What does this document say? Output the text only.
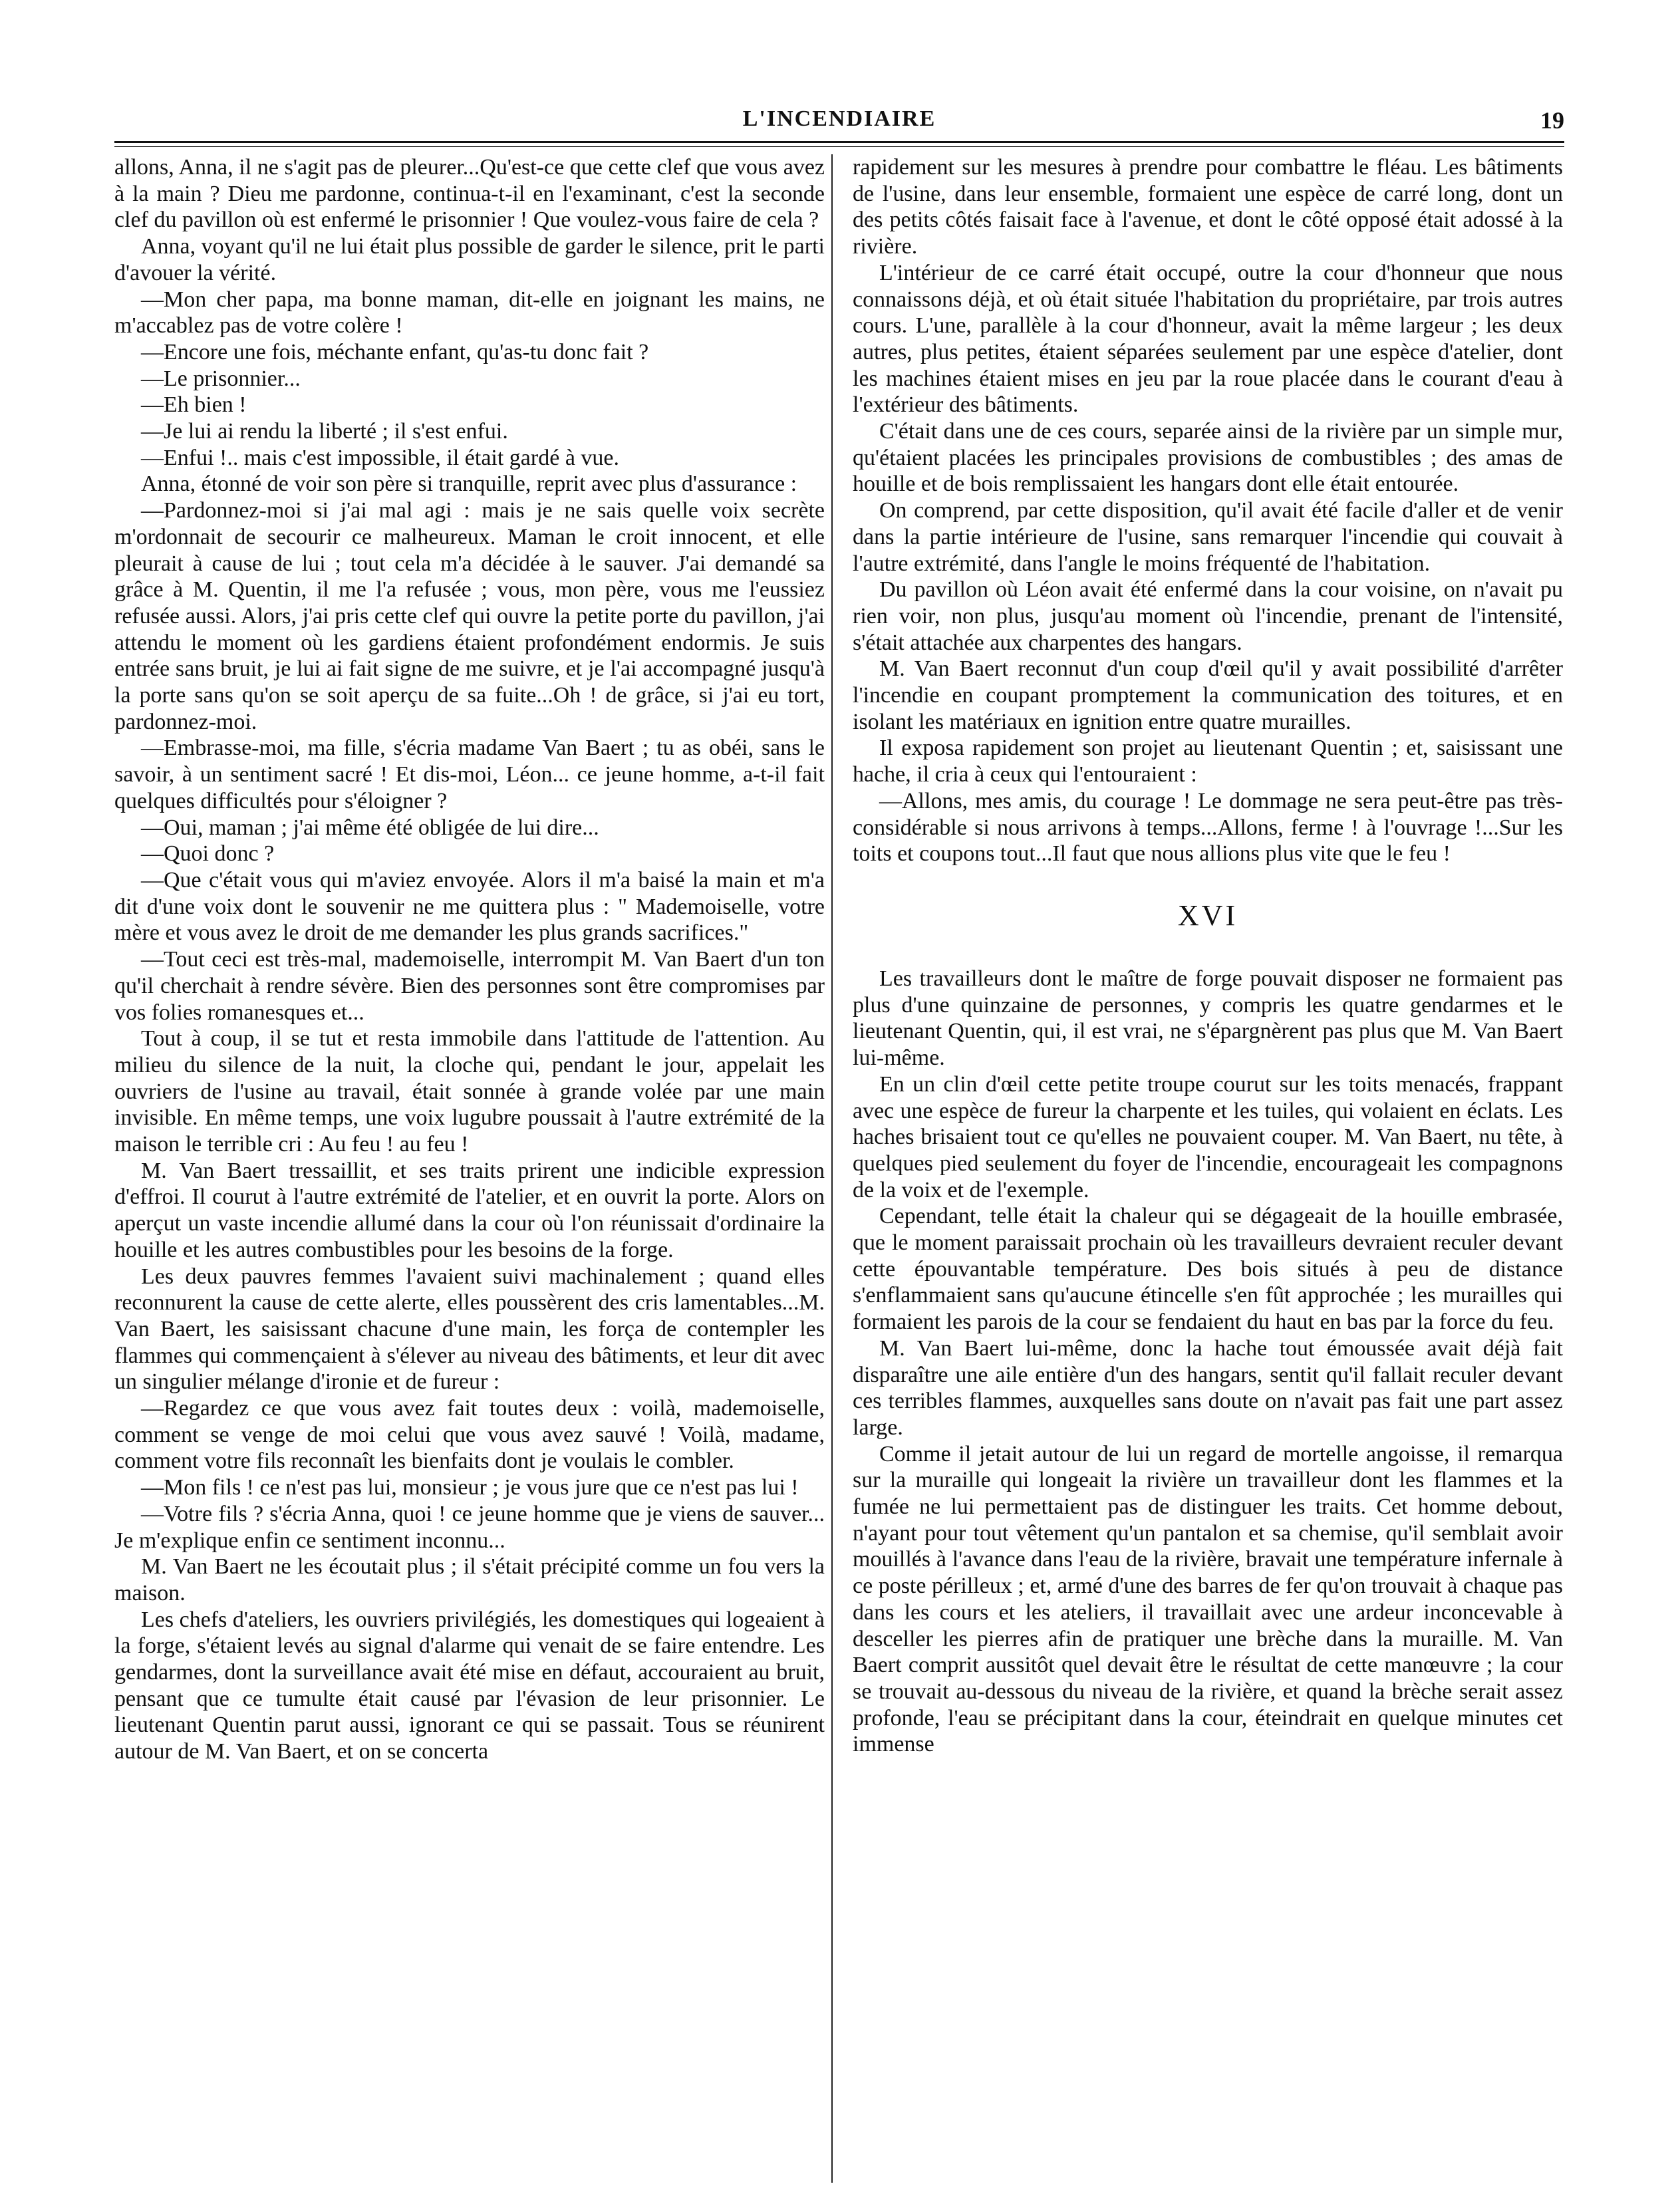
L'INCENDIAIRE	19

allons, Anna, il ne s'agit pas de pleurer...Qu'est-ce que cette clef que vous avez à la main ? Dieu me pardonne, continua-t-il en l'examinant, c'est la seconde clef du pavillon où est enfermé le prisonnier ! Que voulez-vous faire de cela ?

Anna, voyant qu'il ne lui était plus possible de garder le silence, prit le parti d'avouer la vérité.

—Mon cher papa, ma bonne maman, dit-elle en joignant les mains, ne m'accablez pas de votre colère !

—Encore une fois, méchante enfant, qu'as-tu donc fait ?

—Le prisonnier...

—Eh bien !

—Je lui ai rendu la liberté ; il s'est enfui.

—Enfui !.. mais c'est impossible, il était gardé à vue.

Anna, étonné de voir son père si tranquille, reprit avec plus d'assurance :

—Pardonnez-moi si j'ai mal agi : mais je ne sais quelle voix secrète m'ordonnait de secourir ce malheureux. Maman le croit innocent, et elle pleurait à cause de lui ; tout cela m'a décidée à le sauver. J'ai demandé sa grâce à M. Quentin, il me l'a refusée ; vous, mon père, vous me l'eussiez refusée aussi. Alors, j'ai pris cette clef qui ouvre la petite porte du pavillon, j'ai attendu le moment où les gardiens étaient profondément endormis. Je suis entrée sans bruit, je lui ai fait signe de me suivre, et je l'ai accompagné jusqu'à la porte sans qu'on se soit aperçu de sa fuite...Oh ! de grâce, si j'ai eu tort, pardonnez-moi.

—Embrasse-moi, ma fille, s'écria madame Van Baert ; tu as obéi, sans le savoir, à un sentiment sacré ! Et dis-moi, Léon... ce jeune homme, a-t-il fait quelques difficultés pour s'éloigner ?

—Oui, maman ; j'ai même été obligée de lui dire...

—Quoi donc ?

—Que c'était vous qui m'aviez envoyée. Alors il m'a baisé la main et m'a dit d'une voix dont le souvenir ne me quittera plus : " Mademoiselle, votre mère et vous avez le droit de me demander les plus grands sacrifices."

—Tout ceci est très-mal, mademoiselle, interrompit M. Van Baert d'un ton qu'il cherchait à rendre sévère. Bien des personnes sont être compromises par vos folies romanesques et...

Tout à coup, il se tut et resta immobile dans l'attitude de l'attention. Au milieu du silence de la nuit, la cloche qui, pendant le jour, appelait les ouvriers de l'usine au travail, était sonnée à grande volée par une main invisible. En même temps, une voix lugubre poussait à l'autre extrémité de la maison le terrible cri : Au feu ! au feu !

M. Van Baert tressaillit, et ses traits prirent une indicible expression d'effroi. Il courut à l'autre extrémité de l'atelier, et en ouvrit la porte. Alors on aperçut un vaste incendie allumé dans la cour où l'on réunissait d'ordinaire la houille et les autres combustibles pour les besoins de la forge.

Les deux pauvres femmes l'avaient suivi machinalement ; quand elles reconnurent la cause de cette alerte, elles poussèrent des cris lamentables...M. Van Baert, les saisissant chacune d'une main, les força de contempler les flammes qui commençaient à s'élever au niveau des bâtiments, et leur dit avec un singulier mélange d'ironie et de fureur :

—Regardez ce que vous avez fait toutes deux : voilà, mademoiselle, comment se venge de moi celui que vous avez sauvé ! Voilà, madame, comment votre fils reconnaît les bienfaits dont je voulais le combler.

—Mon fils ! ce n'est pas lui, monsieur ; je vous jure que ce n'est pas lui !

—Votre fils ? s'écria Anna, quoi ! ce jeune homme que je viens de sauver... Je m'explique enfin ce sentiment inconnu...

M. Van Baert ne les écoutait plus ; il s'était précipité comme un fou vers la maison.

Les chefs d'ateliers, les ouvriers privilégiés, les domestiques qui logeaient à la forge, s'étaient levés au signal d'alarme qui venait de se faire entendre. Les gendarmes, dont la surveillance avait été mise en défaut, accouraient au bruit, pensant que ce tumulte était causé par l'évasion de leur prisonnier. Le lieutenant Quentin parut aussi, ignorant ce qui se passait. Tous se réunirent autour de M. Van Baert, et on se concerta

rapidement sur les mesures à prendre pour combattre le fléau. Les bâtiments de l'usine, dans leur ensemble, formaient une espèce de carré long, dont un des petits côtés faisait face à l'avenue, et dont le côté opposé était adossé à la rivière.

L'intérieur de ce carré était occupé, outre la cour d'honneur que nous connaissons déjà, et où était située l'habitation du propriétaire, par trois autres cours. L'une, parallèle à la cour d'honneur, avait la même largeur ; les deux autres, plus petites, étaient séparées seulement par une espèce d'atelier, dont les machines étaient mises en jeu par la roue placée dans le courant d'eau à l'extérieur des bâtiments.

C'était dans une de ces cours, separée ainsi de la rivière par un simple mur, qu'étaient placées les principales provisions de combustibles ; des amas de houille et de bois remplissaient les hangars dont elle était entourée.

On comprend, par cette disposition, qu'il avait été facile d'aller et de venir dans la partie intérieure de l'usine, sans remarquer l'incendie qui couvait à l'autre extrémité, dans l'angle le moins fréquenté de l'habitation.

Du pavillon où Léon avait été enfermé dans la cour voisine, on n'avait pu rien voir, non plus, jusqu'au moment où l'incendie, prenant de l'intensité, s'était attachée aux charpentes des hangars.

M. Van Baert reconnut d'un coup d'œil qu'il y avait possibilité d'arrêter l'incendie en coupant promptement la communication des toitures, et en isolant les matériaux en ignition entre quatre murailles.

Il exposa rapidement son projet au lieutenant Quentin ; et, saisissant une hache, il cria à ceux qui l'entouraient :

—Allons, mes amis, du courage ! Le dommage ne sera peut-être pas très-considérable si nous arrivons à temps...Allons, ferme ! à l'ouvrage !...Sur les toits et coupons tout...Il faut que nous allions plus vite que le feu !

XVI

Les travailleurs dont le maître de forge pouvait disposer ne formaient pas plus d'une quinzaine de personnes, y compris les quatre gendarmes et le lieutenant Quentin, qui, il est vrai, ne s'épargnèrent pas plus que M. Van Baert lui-même.

En un clin d'œil cette petite troupe courut sur les toits menacés, frappant avec une espèce de fureur la charpente et les tuiles, qui volaient en éclats. Les haches brisaient tout ce qu'elles ne pouvaient couper. M. Van Baert, nu tête, à quelques pied seulement du foyer de l'incendie, encourageait les compagnons de la voix et de l'exemple.

Cependant, telle était la chaleur qui se dégageait de la houille embrasée, que le moment paraissait prochain où les travailleurs devraient reculer devant cette épouvantable température. Des bois situés à peu de distance s'enflammaient sans qu'aucune étincelle s'en fût approchée ; les murailles qui formaient les parois de la cour se fendaient du haut en bas par la force du feu.

M. Van Baert lui-même, donc la hache tout émoussée avait déjà fait disparaître une aile entière d'un des hangars, sentit qu'il fallait reculer devant ces terribles flammes, auxquelles sans doute on n'avait pas fait une part assez large.

Comme il jetait autour de lui un regard de mortelle angoisse, il remarqua sur la muraille qui longeait la rivière un travailleur dont les flammes et la fumée ne lui permettaient pas de distinguer les traits. Cet homme debout, n'ayant pour tout vêtement qu'un pantalon et sa chemise, qu'il semblait avoir mouillés à l'avance dans l'eau de la rivière, bravait une température infernale à ce poste périlleux ; et, armé d'une des barres de fer qu'on trouvait à chaque pas dans les cours et les ateliers, il travaillait avec une ardeur inconcevable à desceller les pierres afin de pratiquer une brèche dans la muraille. M. Van Baert comprit aussitôt quel devait être le résultat de cette manœuvre ; la cour se trouvait au-dessous du niveau de la rivière, et quand la brèche serait assez profonde, l'eau se précipitant dans la cour, éteindrait en quelque minutes cet immense
